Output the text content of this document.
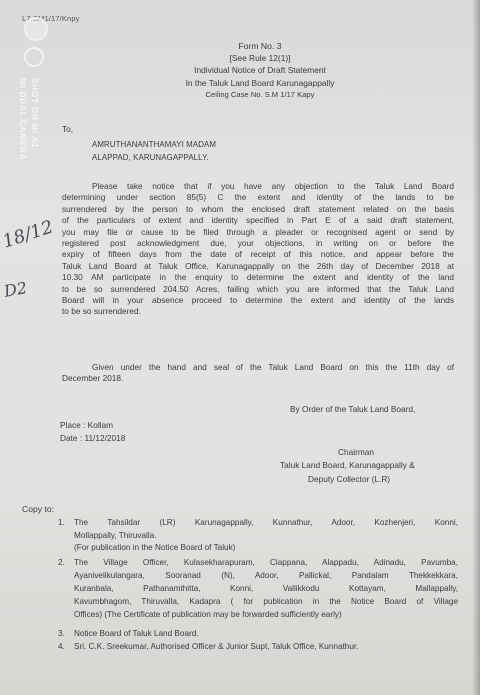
L7.SM1/17/Knpy
Form No. 3
[See Rule 12(1)]
Individual Notice of Draft Statement
In the Taluk Land Board Karunagappally
Ceiling Case No. S.M 1/17 Kapy
To,
AMRUTHANANTHAMAYI MADAM
ALAPPAD, KARUNAGAPPALLY.
Please take notice that if you have any objection to the Taluk Land Board
determining under section 85(5) C the extent and identity of the lands to be
surrendered by the person to whom the enclosed draft statement related on the basis
of the particulars of extent and identity specified in Part E of a said draft statement,
you may file or cause to be filed through a pleader or recognised agent or send by
registered post acknowledgment due, your objections, in writing on or before the
expiry of fifteen days from the date of receipt of this notice, and appear before the
Taluk Land Board at Taluk Office, Karunagappally on the 26th day of December 2018 at
10.30 AM participate in the enquiry to determine the extent and identity of the land
to be so surrendered 204.50 Acres, failing which you are informed that the Taluk Land
Board will in your absence proceed to determine the extent and identity of the lands
to be so surrendered.
Given under the hand and seal of the Taluk Land Board on this the 11th day of
December 2018.
By Order of the Taluk Land Board,
Place : Kollam
Date : 11/12/2018
Chairman
Taluk Land Board, Karunagappally &
Deputy Collector (L.R)
Copy to:
1. The Tahsildar (LR) Karunagappally, Kunnathur, Adoor, Kozhenjeri, Konni,
Mollappally, Thiruvalla.
(For publication in the Notice Board of Taluk)
2. The Village Officer, Kulasekharapuram, Clappana, Alappadu, Adinadu, Pavumba,
Ayanivelikulangara, Sooranad (N), Adoor, Pallickal, Pandalam Thekkekkara,
Kuranbala, Pathanamthitta, Konni, Vallikkodu Kottayam, Mallappally,
Kavumbhagom, Thiruvalla, Kadapra ( for publication in the Notice Board of Village
Offices) (The Certificate of publication may be forwarded sufficiently early)
3. Notice Board of Taluk Land Board.
4. Sri. C.K. Sreekumar, Authorised Officer & Junior Supt, Taluk Office, Kunnathur.
18/12
D2
SHOT ON MI A1
MI DUAL CAMERA
